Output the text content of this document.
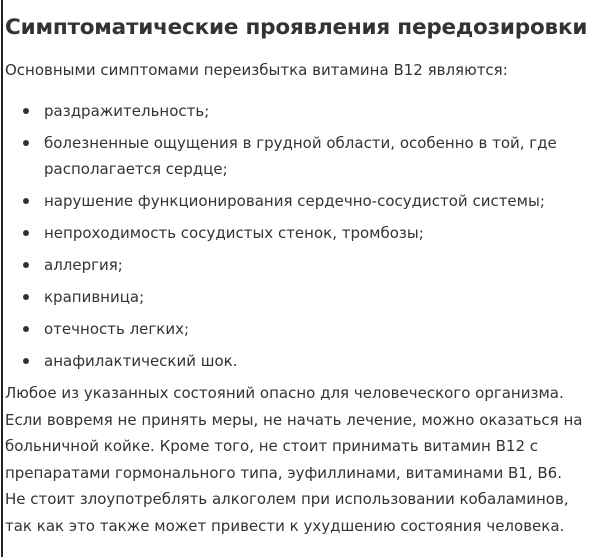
Симптоматические проявления передозировки

Основными симптомами переизбытка витамина В12 являются:

раздражительность;
болезненные ощущения в грудной области, особенно в той, где
располагается сердце;
нарушение функционирования сердечно-сосудистой системы;
непроходимость сосудистых стенок, тромбозы;
аллергия;
крапивница;
отечность легких;
анафилактический шок.

Любое из указанных состояний опасно для человеческого организма.
Если вовремя не принять меры, не начать лечение, можно оказаться на
больничной койке. Кроме того, не стоит принимать витамин В12 с
препаратами гормонального типа, эуфиллинами, витаминами В1, В6.
Не стоит злоупотреблять алкоголем при использовании кобаламинов,
так как это также может привести к ухудшению состояния человека.
